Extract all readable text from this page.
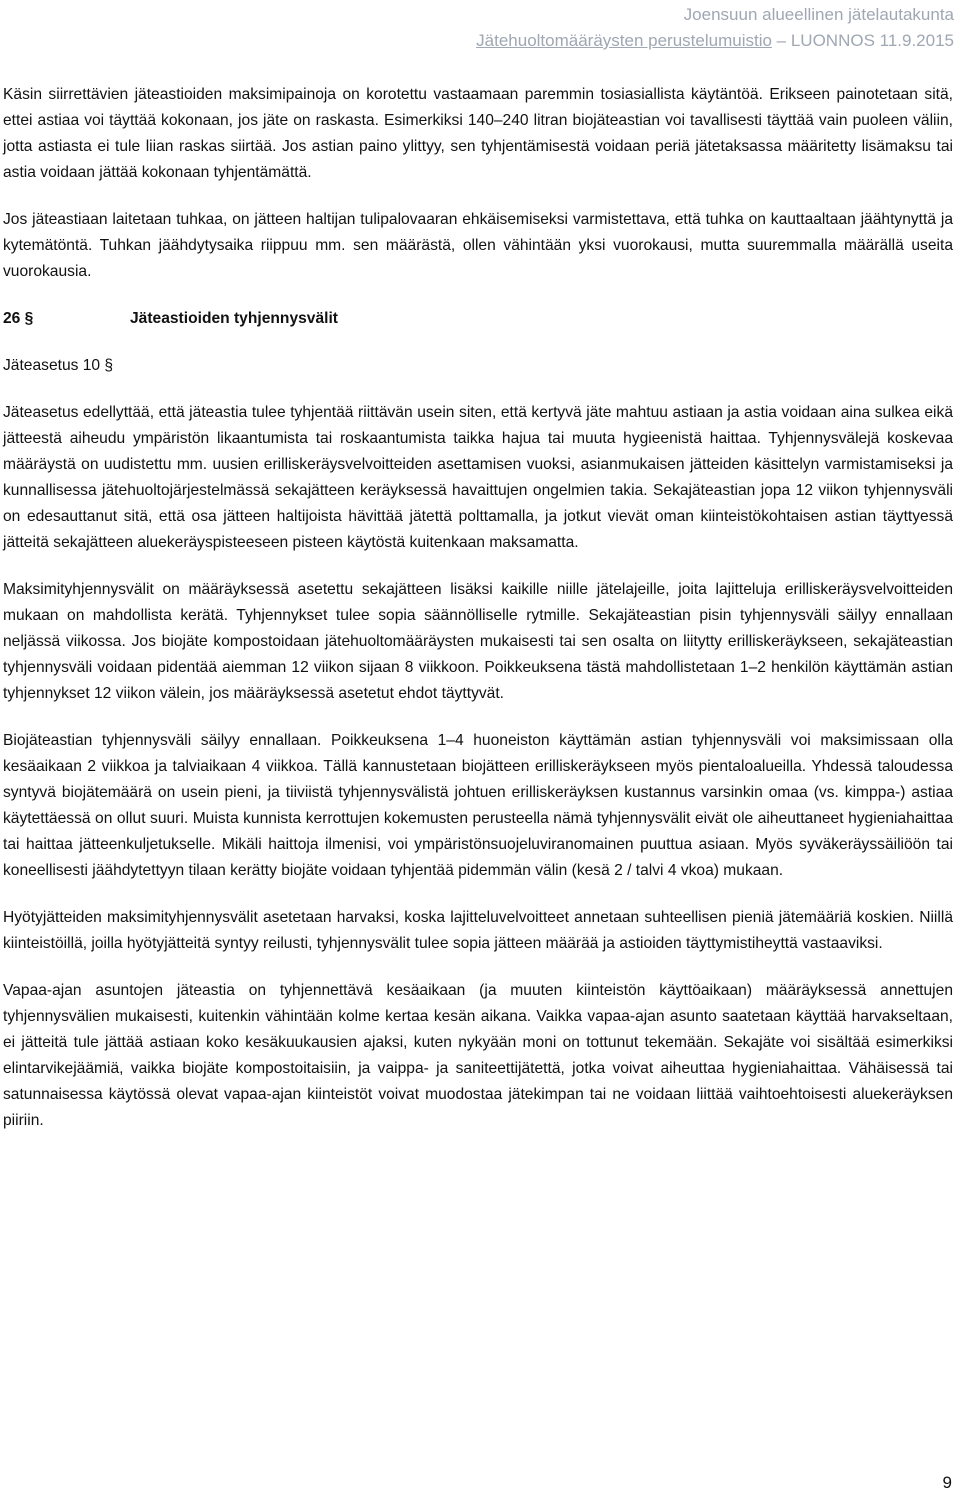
Joensuun alueellinen jätelautakunta
Jätehuoltomääräysten perustelumuistio – LUONNOS 11.9.2015

Käsin siirrettävien jäteastioiden maksimipainoja on korotettu vastaamaan paremmin tosiasiallista käytäntöä. Erikseen painotetaan sitä, ettei astiaa voi täyttää kokonaan, jos jäte on raskasta. Esimerkiksi 140–240 litran biojäteastian voi tavallisesti täyttää vain puoleen väliin, jotta astiasta ei tule liian raskas siirtää. Jos astian paino ylittyy, sen tyhjentämisestä voidaan periä jätetaksassa määritetty lisämaksu tai astia voidaan jättää kokonaan tyhjentämättä.

Jos jäteastiaan laitetaan tuhkaa, on jätteen haltijan tulipalovaaran ehkäisemiseksi varmistettava, että tuhka on kauttaaltaan jäähtynyttä ja kytemätöntä. Tuhkan jäähdytysaika riippuu mm. sen määrästä, ollen vähintään yksi vuorokausi, mutta suuremmalla määrällä useita vuorokausia.

26 §	Jäteastioiden tyhjennysvälit
Jäteasetus 10 §

Jäteasetus edellyttää, että jäteastia tulee tyhjentää riittävän usein siten, että kertyvä jäte mahtuu astiaan ja astia voidaan aina sulkea eikä jätteestä aiheudu ympäristön likaantumista tai roskaantumista taikka hajua tai muuta hygieenistä haittaa. Tyhjennysvälejä koskevaa määräystä on uudistettu mm. uusien erilliskeräysvelvoitteiden asettamisen vuoksi, asianmukaisen jätteiden käsittelyn varmistamiseksi ja kunnallisessa jätehuoltojärjestelmässä sekajätteen keräyksessä havaittujen ongelmien takia. Sekajäteastian jopa 12 viikon tyhjennysväli on edesauttanut sitä, että osa jätteen haltijoista hävittää jätettä polttamalla, ja jotkut vievät oman kiinteistökohtaisen astian täyttyessä jätteitä sekajätteen aluekeräyspisteeseen pisteen käytöstä kuitenkaan maksamatta.

Maksimityhjennysvälit on määräyksessä asetettu sekajätteen lisäksi kaikille niille jätelajeille, joita lajitteluja erilliskeräysvelvoitteiden mukaan on mahdollista kerätä. Tyhjennykset tulee sopia säännölliselle rytmille. Sekajäteastian pisin tyhjennysväli säilyy ennallaan neljässä viikossa. Jos biojäte kompostoidaan jätehuoltomääräysten mukaisesti tai sen osalta on liitytty erilliskeräykseen, sekajäteastian tyhjennysväli voidaan pidentää aiemman 12 viikon sijaan 8 viikkoon. Poikkeuksena tästä mahdollistetaan 1–2 henkilön käyttämän astian tyhjennykset 12 viikon välein, jos määräyksessä asetetut ehdot täyttyvät.

Biojäteastian tyhjennysväli säilyy ennallaan. Poikkeuksena 1–4 huoneiston käyttämän astian tyhjennysväli voi maksimissaan olla kesäaikaan 2 viikkoa ja talviaikaan 4 viikkoa. Tällä kannustetaan biojätteen erilliskeräykseen myös pientaloalueilla. Yhdessä taloudessa syntyvä biojätemäärä on usein pieni, ja tiiviistä tyhjennysvälistä johtuen erilliskeräyksen kustannus varsinkin omaa (vs. kimppa-) astiaa käytettäessä on ollut suuri. Muista kunnista kerrottujen kokemusten perusteella nämä tyhjennysvälit eivät ole aiheuttaneet hygieniahaittaa tai haittaa jätteenkuljetukselle. Mikäli haittoja ilmenisi, voi ympäristönsuojeluviranomainen puuttua asiaan. Myös syväkeräyssäiliöön tai koneellisesti jäähdytettyyn tilaan kerätty biojäte voidaan tyhjentää pidemmän välin (kesä 2 / talvi 4 vkoa) mukaan.

Hyötyjätteiden maksimityhjennysvälit asetetaan harvaksi, koska lajitteluvelvoitteet annetaan suhteellisen pieniä jätemääriä koskien. Niillä kiinteistöillä, joilla hyötyjätteitä syntyy reilusti, tyhjennysvälit tulee sopia jätteen määrää ja astioiden täyttymistiheyttä vastaaviksi.

Vapaa-ajan asuntojen jäteastia on tyhjennettävä kesäaikaan (ja muuten kiinteistön käyttöaikaan) määräyksessä annettujen tyhjennysvälien mukaisesti, kuitenkin vähintään kolme kertaa kesän aikana. Vaikka vapaa-ajan asunto saatetaan käyttää harvakseltaan, ei jätteitä tule jättää astiaan koko kesäkuukausien ajaksi, kuten nykyään moni on tottunut tekemään. Sekajäte voi sisältää esimerkiksi elintarvikejäämiä, vaikka biojäte kompostoitaisiin, ja vaippa- ja saniteettijätettä, jotka voivat aiheuttaa hygieniahaittaa. Vähäisessä tai satunnaisessa käytössä olevat vapaa-ajan kiinteistöt voivat muodostaa jätekimpan tai ne voidaan liittää vaihtoehtoisesti aluekeräyksen piiriin.

9
